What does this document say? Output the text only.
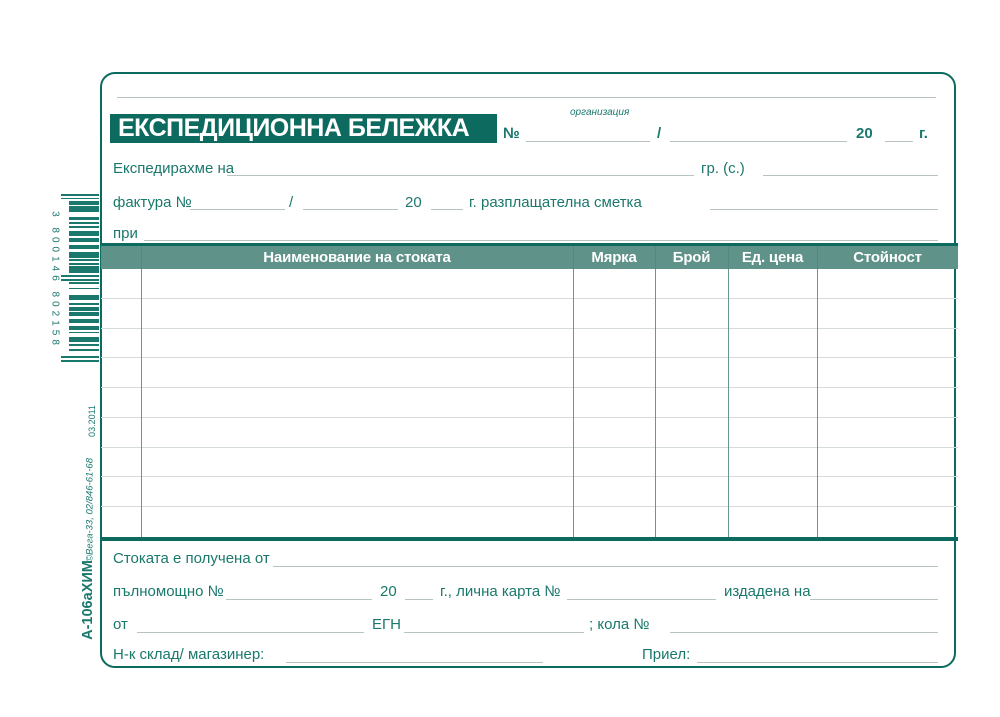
3 800146 802158
03.2011
©Вега-33, 02/846-61-68
А-106аХИМ
организация
ЕКСПЕДИЦИОННА БЕЛЕЖКА	№	/	20	г.
Експедирахме на	гр. (с.)
фактура №	/	20	г. разплащателна сметка
при
Наименование на стоката	Мярка	Брой	Ед. цена	Стойност
Стоката е получена от
пълномощно №	20	г., лична карта №	издадена на
от	ЕГН	; кола №
Н-к склад/ магазинер:	Приел:
